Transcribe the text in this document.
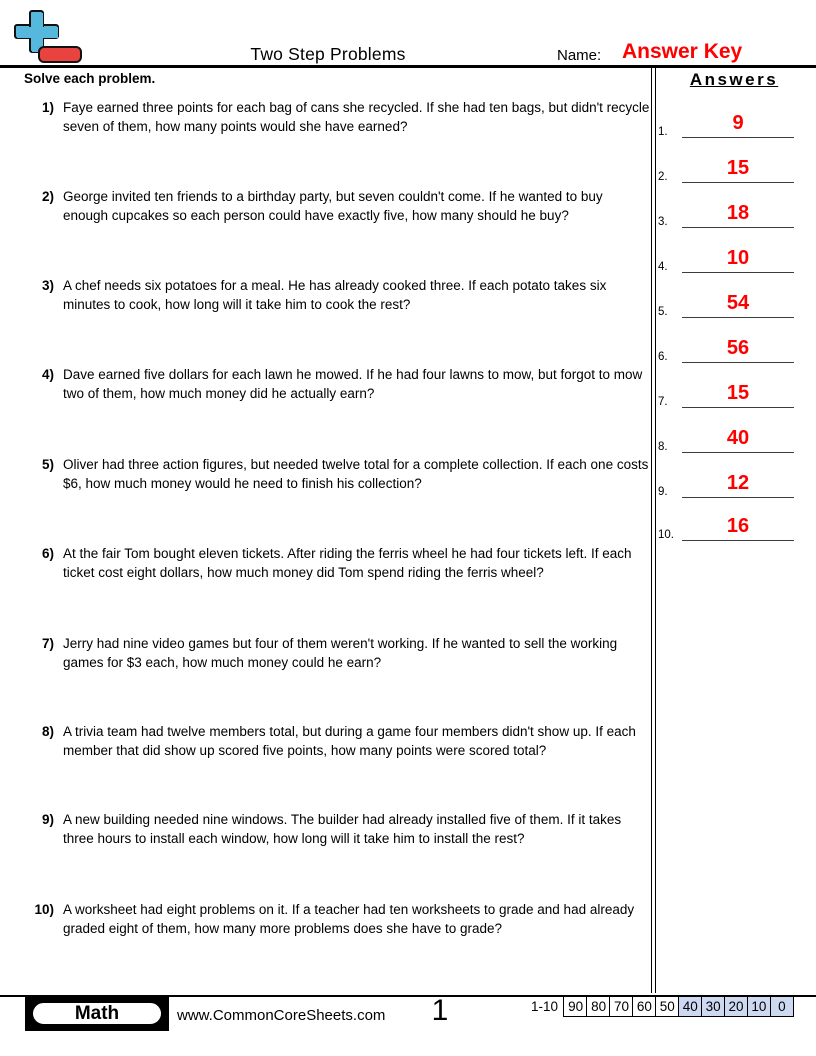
Two Step Problems	Name: Answer Key
Solve each problem.
1) Faye earned three points for each bag of cans she recycled. If she had ten bags, but didn't recycle seven of them, how many points would she have earned?
2) George invited ten friends to a birthday party, but seven couldn't come. If he wanted to buy enough cupcakes so each person could have exactly five, how many should he buy?
3) A chef needs six potatoes for a meal. He has already cooked three. If each potato takes six minutes to cook, how long will it take him to cook the rest?
4) Dave earned five dollars for each lawn he mowed. If he had four lawns to mow, but forgot to mow two of them, how much money did he actually earn?
5) Oliver had three action figures, but needed twelve total for a complete collection. If each one costs $6, how much money would he need to finish his collection?
6) At the fair Tom bought eleven tickets. After riding the ferris wheel he had four tickets left. If each ticket cost eight dollars, how much money did Tom spend riding the ferris wheel?
7) Jerry had nine video games but four of them weren't working. If he wanted to sell the working games for $3 each, how much money could he earn?
8) A trivia team had twelve members total, but during a game four members didn't show up. If each member that did show up scored five points, how many points were scored total?
9) A new building needed nine windows. The builder had already installed five of them. If it takes three hours to install each window, how long will it take him to install the rest?
10) A worksheet had eight problems on it. If a teacher had ten worksheets to grade and had already graded eight of them, how many more problems does she have to grade?
Answers
1.	9
2.	15
3.	18
4.	10
5.	54
6.	56
7.	15
8.	40
9.	12
10.	16
Math	www.CommonCoreSheets.com	1	1-10 90 80 70 60 50 40 30 20 10 0
